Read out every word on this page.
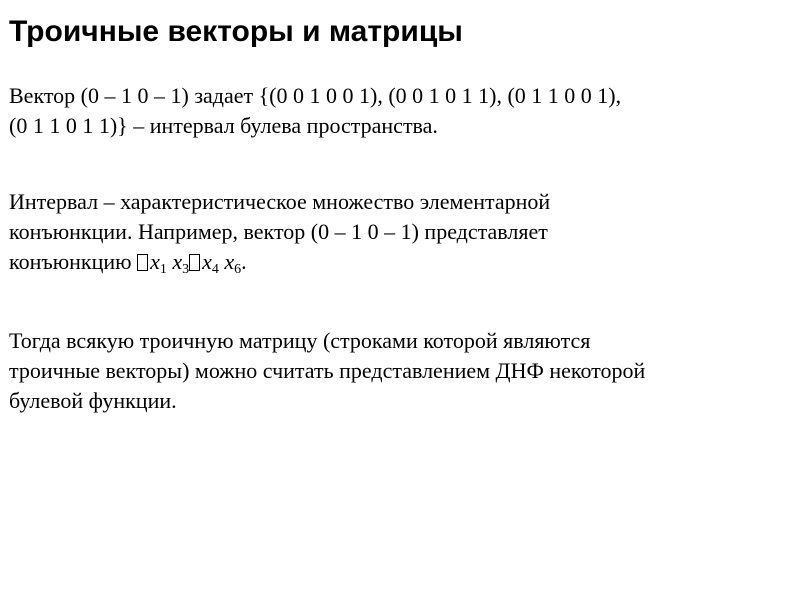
Троичные векторы и матрицы
Вектор (0 – 1 0 – 1) задает {(0 0 1 0 0 1), (0 0 1 0 1 1), (0 1 1 0 0 1),
(0 1 1 0 1 1)} – интервал булева пространства.
Интервал – характеристическое множество элементарной
конъюнкции. Например, вектор (0 – 1 0 – 1) представляет
конъюнкцию $x_1$ $x_3$ $x_4$ $x_6$.
Тогда всякую троичную матрицу (строками которой являются
троичные векторы) можно считать представлением ДНФ некоторой
булевой функции.
